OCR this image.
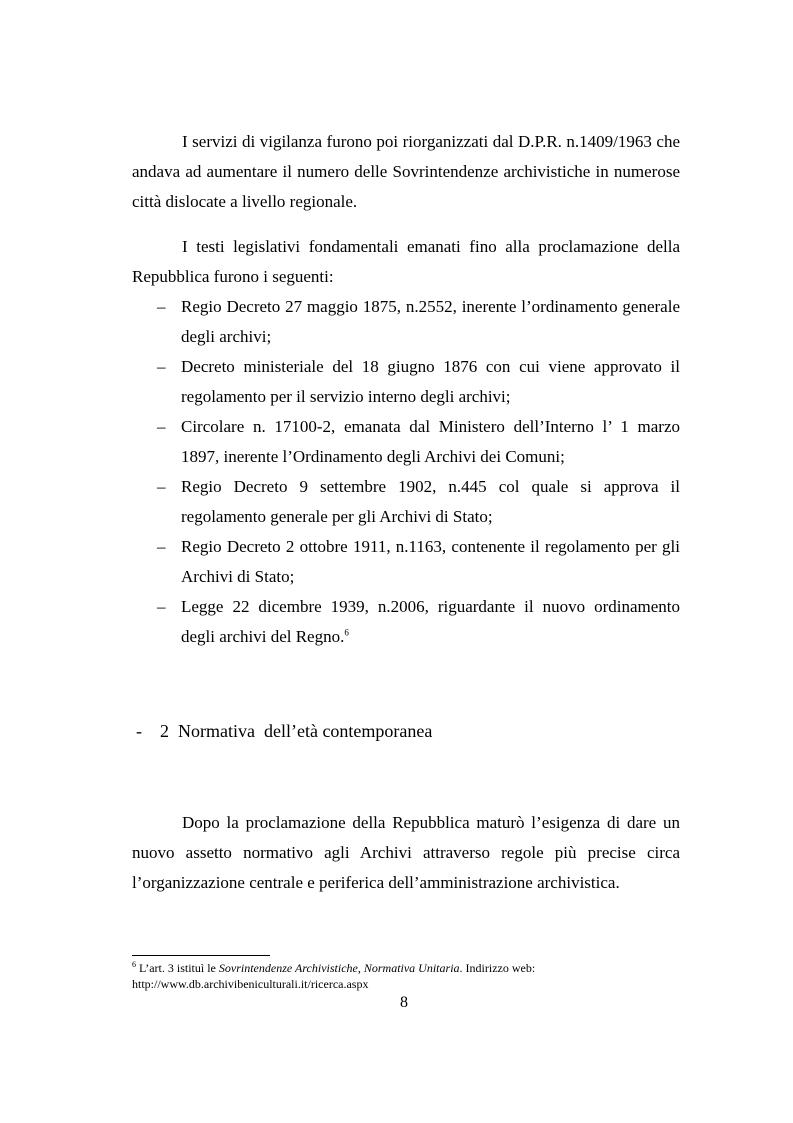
I servizi di vigilanza furono poi riorganizzati dal D.P.R. n.1409/1963 che andava ad aumentare il numero delle Sovrintendenze archivistiche in numerose città dislocate a livello regionale.

I testi legislativi fondamentali emanati fino alla proclamazione della Repubblica furono i seguenti:

– Regio Decreto 27 maggio 1875, n.2552, inerente l’ordinamento generale degli archivi;
– Decreto ministeriale del 18 giugno 1876 con cui viene approvato il regolamento per il servizio interno degli archivi;
– Circolare n. 17100-2, emanata dal Ministero dell’Interno l’ 1 marzo 1897, inerente l’Ordinamento degli Archivi dei Comuni;
– Regio Decreto 9 settembre 1902, n.445 col quale si approva il regolamento generale per gli Archivi di Stato;
– Regio Decreto 2 ottobre 1911, n.1163, contenente il regolamento per gli Archivi di Stato;
– Legge 22 dicembre 1939, n.2006, riguardante il nuovo ordinamento degli archivi del Regno.$^6$
- 2 Normativa  dell’età contemporanea

Dopo la proclamazione della Repubblica maturò l’esigenza di dare un nuovo assetto normativo agli Archivi attraverso regole più precise circa l’organizzazione centrale e periferica dell’amministrazione archivistica.

$^6$ L’art. 3 istituì le Sovrintendenze Archivistiche, Normativa Unitaria. Indirizzo web:
http://www.db.archivibeniculturali.it/ricerca.aspx
8
